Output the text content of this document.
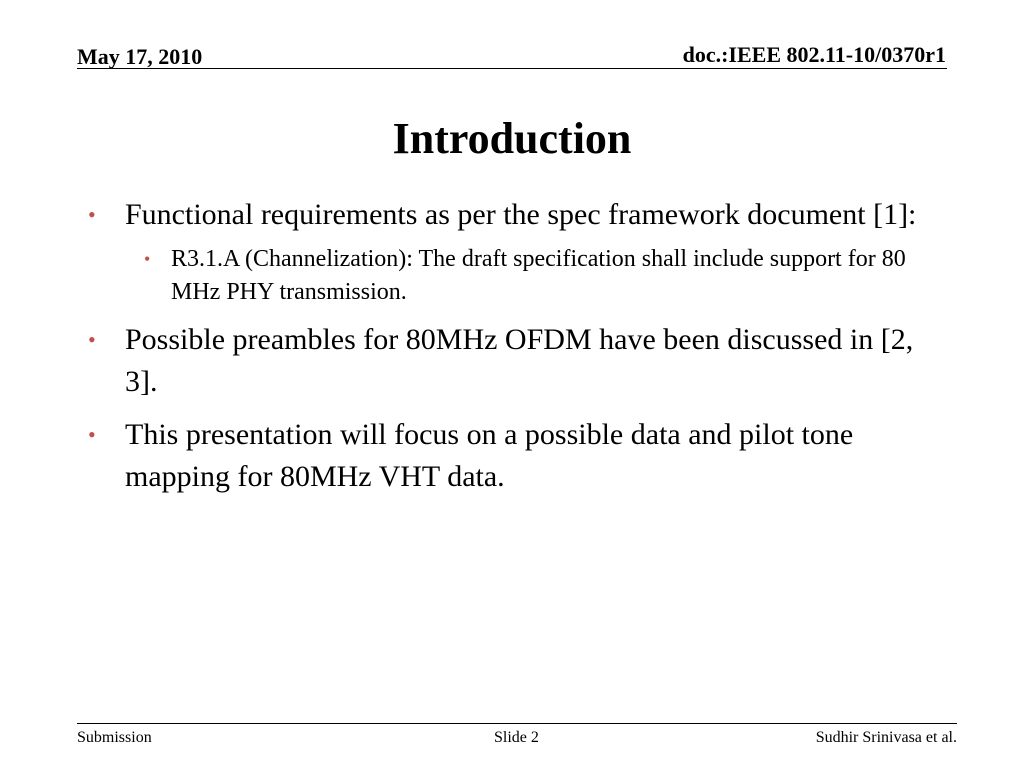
May 17, 2010	doc.:IEEE 802.11-10/0370r1
Introduction
• Functional requirements as per the spec framework document [1]:
• R3.1.A (Channelization): The draft specification shall include support for 80 MHz PHY transmission.
• Possible preambles for 80MHz OFDM have been discussed in [2, 3].
• This presentation will focus on a possible data and pilot tone mapping for 80MHz VHT data.
Submission	Slide 2	Sudhir Srinivasa et al.
